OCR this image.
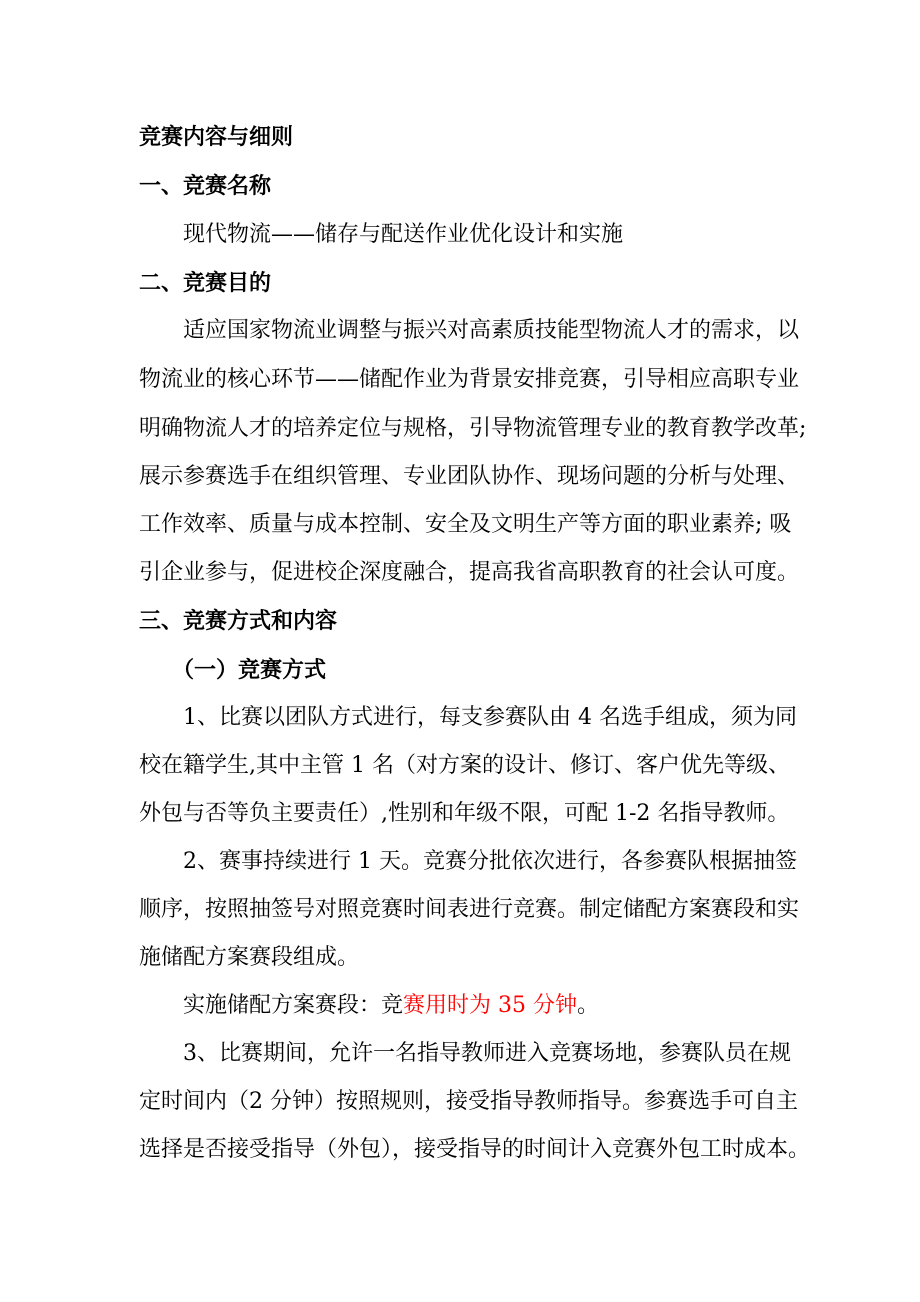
竞赛内容与细则
一、竞赛名称
现代物流——储存与配送作业优化设计和实施
二、竞赛目的
适应国家物流业调整与振兴对高素质技能型物流人才的需求，以
物流业的核心环节——储配作业为背景安排竞赛，引导相应高职专业
明确物流人才的培养定位与规格，引导物流管理专业的教育教学改革;
展示参赛选手在组织管理、专业团队协作、现场问题的分析与处理、
工作效率、质量与成本控制、安全及文明生产等方面的职业素养; 吸
引企业参与，促进校企深度融合，提高我省高职教育的社会认可度。
三、竞赛方式和内容
（一）竞赛方式
1、比赛以团队方式进行，每支参赛队由 4 名选手组成，须为同
校在籍学生,其中主管 1 名（对方案的设计、修订、客户优先等级、
外包与否等负主要责任）,性别和年级不限，可配 1-2 名指导教师。
2、赛事持续进行 1 天。竞赛分批依次进行，各参赛队根据抽签
顺序，按照抽签号对照竞赛时间表进行竞赛。制定储配方案赛段和实
施储配方案赛段组成。
实施储配方案赛段：竞赛用时为 35 分钟。
3、比赛期间，允许一名指导教师进入竞赛场地，参赛队员在规
定时间内（2 分钟）按照规则，接受指导教师指导。参赛选手可自主
选择是否接受指导（外包），接受指导的时间计入竞赛外包工时成本。
